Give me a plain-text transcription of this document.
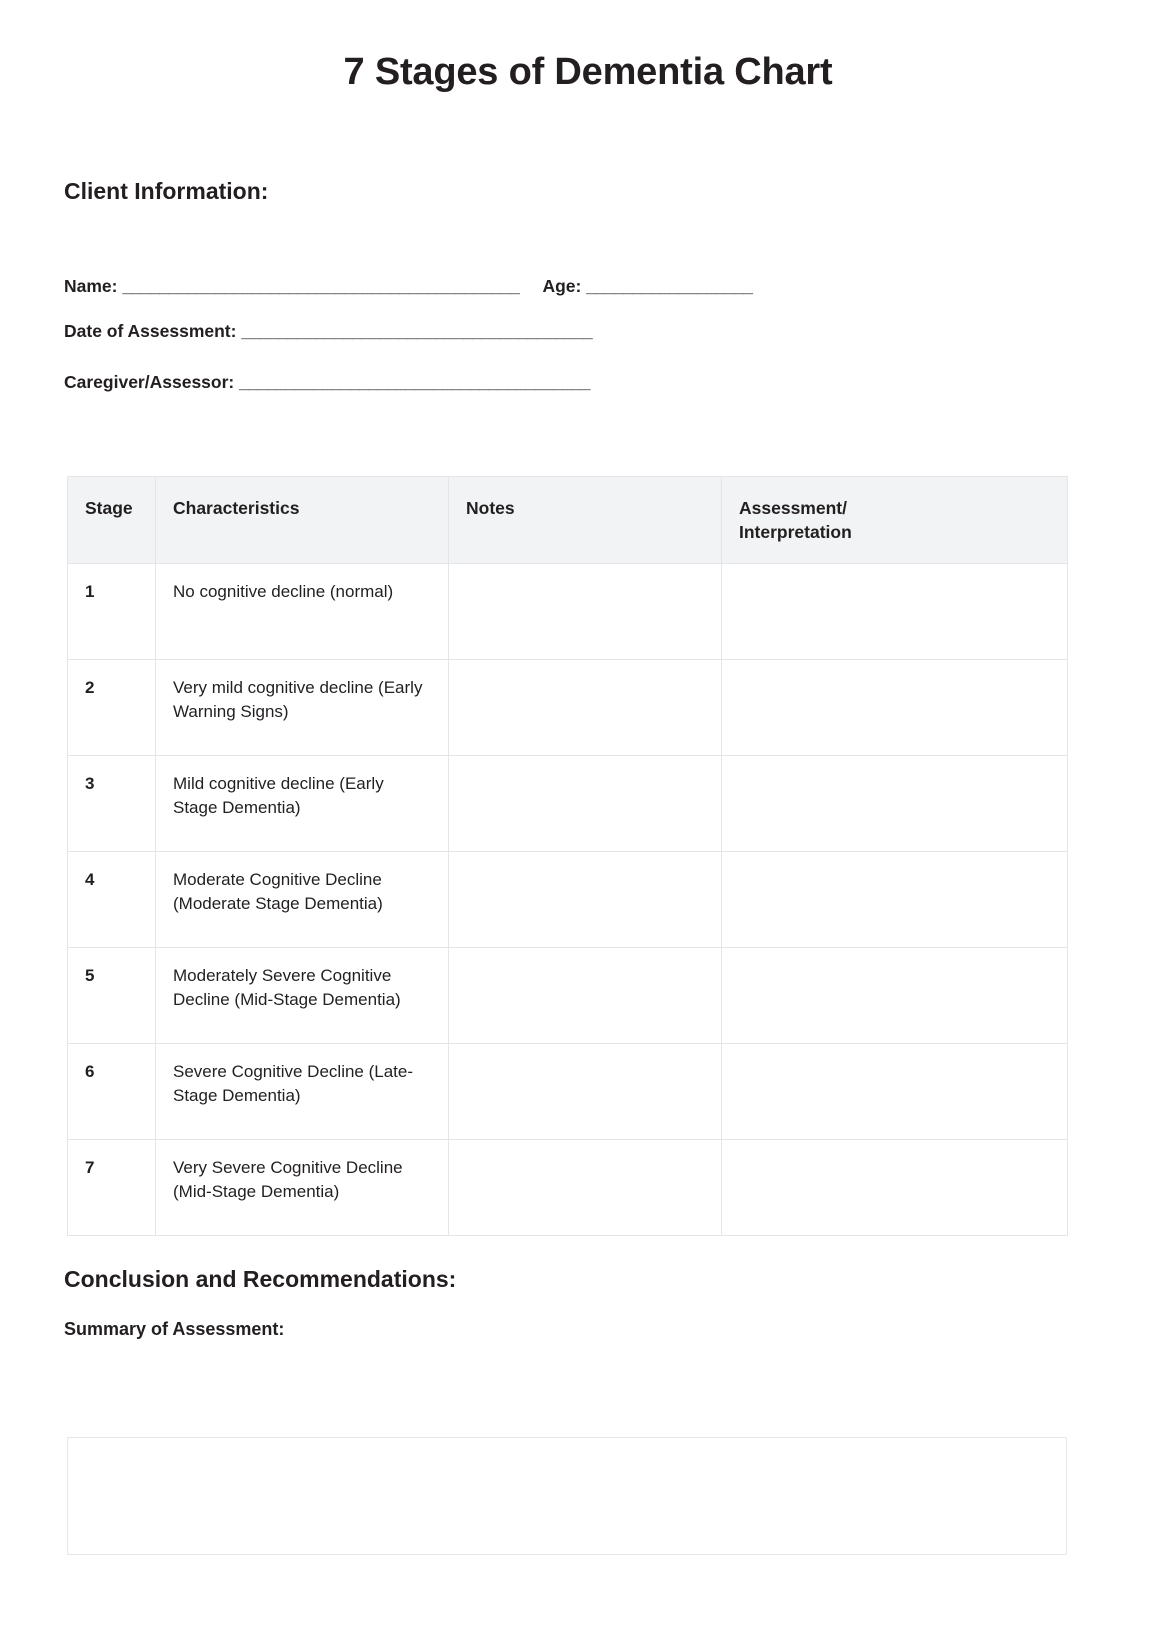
7 Stages of Dementia Chart
Client Information:
Name: ___________________________________________ Age: __________________
Date of Assessment: ______________________________________
Caregiver/Assessor: ______________________________________
Stage	Characteristics	Notes	Assessment/
Interpretation
1	No cognitive decline (normal)		
2	Very mild cognitive decline (Early Warning Signs)		
3	Mild cognitive decline (Early Stage Dementia)		
4	Moderate Cognitive Decline (Moderate Stage Dementia)		
5	Moderately Severe Cognitive Decline (Mid-Stage Dementia)		
6	Severe Cognitive Decline (Late-Stage Dementia)		
7	Very Severe Cognitive Decline (Mid-Stage Dementia)		
Conclusion and Recommendations:
Summary of Assessment:
